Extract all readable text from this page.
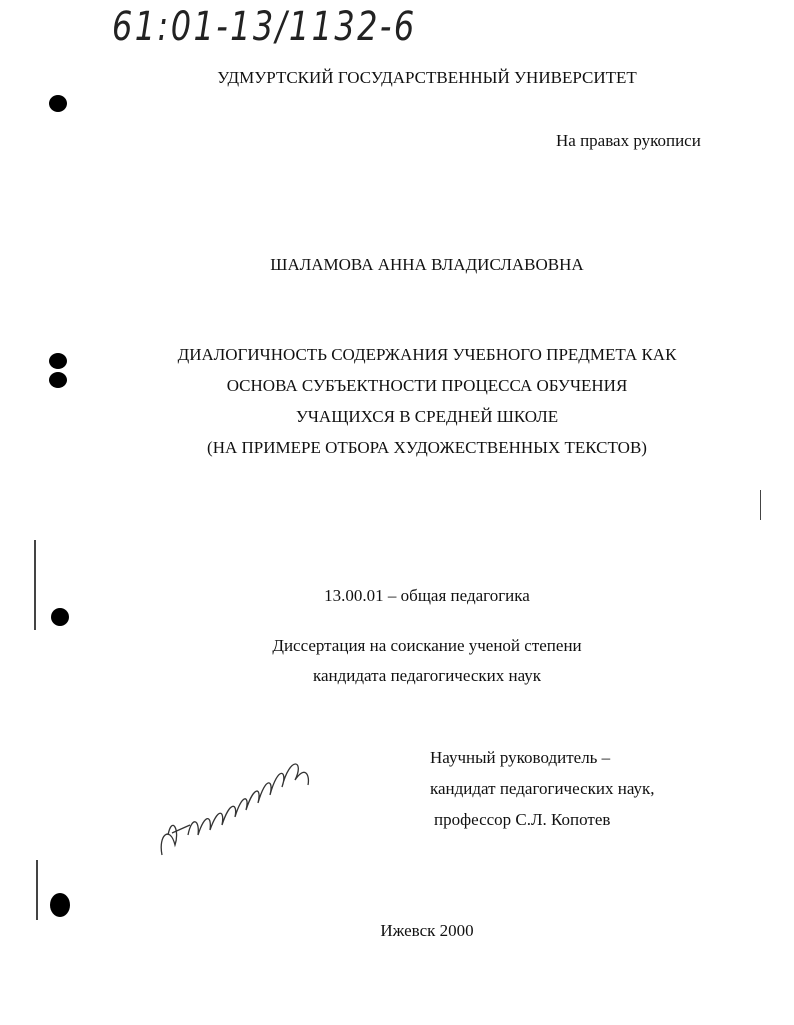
61:01-13/1132-6
УДМУРТСКИЙ ГОСУДАРСТВЕННЫЙ УНИВЕРСИТЕТ
На правах рукописи
ШАЛАМОВА АННА ВЛАДИСЛАВОВНА
ДИАЛОГИЧНОСТЬ СОДЕРЖАНИЯ УЧЕБНОГО ПРЕДМЕТА КАК
ОСНОВА СУБЪЕКТНОСТИ ПРОЦЕССА ОБУЧЕНИЯ
УЧАЩИХСЯ В СРЕДНЕЙ ШКОЛЕ
(НА ПРИМЕРЕ ОТБОРА ХУДОЖЕСТВЕННЫХ ТЕКСТОВ)
13.00.01 – общая педагогика
Диссертация на соискание ученой степени
кандидата педагогических наук
Научный руководитель –
кандидат педагогических наук,
профессор С.Л. Копотев
Ижевск 2000
